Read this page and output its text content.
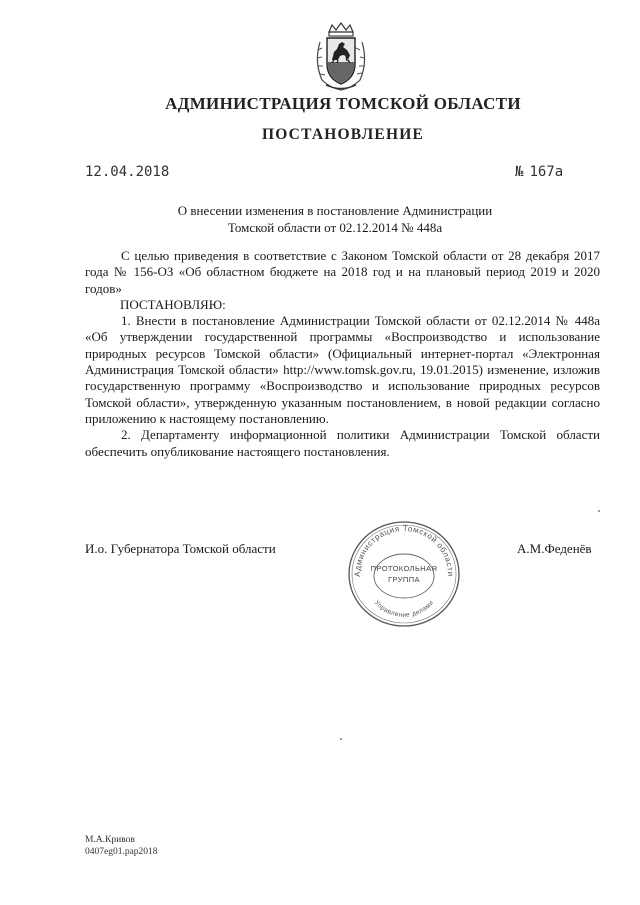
АДМИНИСТРАЦИЯ ТОМСКОЙ ОБЛАСТИ
ПОСТАНОВЛЕНИЕ
12.04.2018	№ 167а
О внесении изменения в постановление Администрации
Томской области от 02.12.2014 № 448а

С целью приведения в соответствие с Законом Томской области от 28 декабря 2017 года № 156-ОЗ «Об областном бюджете на 2018 год и на плановый период 2019 и 2020 годов»

ПОСТАНОВЛЯЮ:

1. Внести в постановление Администрации Томской области от 02.12.2014 № 448а «Об утверждении государственной программы «Воспроизводство и использование природных ресурсов Томской области» (Официальный интернет-портал «Электронная Администрация Томской области» http://www.tomsk.gov.ru, 19.01.2015) изменение, изложив государственную программу «Воспроизводство и использование природных ресурсов Томской области», утвержденную указанным постановлением, в новой редакции согласно приложению к настоящему постановлению.

2. Департаменту информационной политики Администрации Томской области обеспечить опубликование настоящего постановления.

И.о. Губернатора Томской области	А.М.Феденёв
Администрация Томской области
Управление делами
ПРОТОКОЛЬНАЯ
ГРУППА
М.А.Кривов
0407eg01.pap2018
